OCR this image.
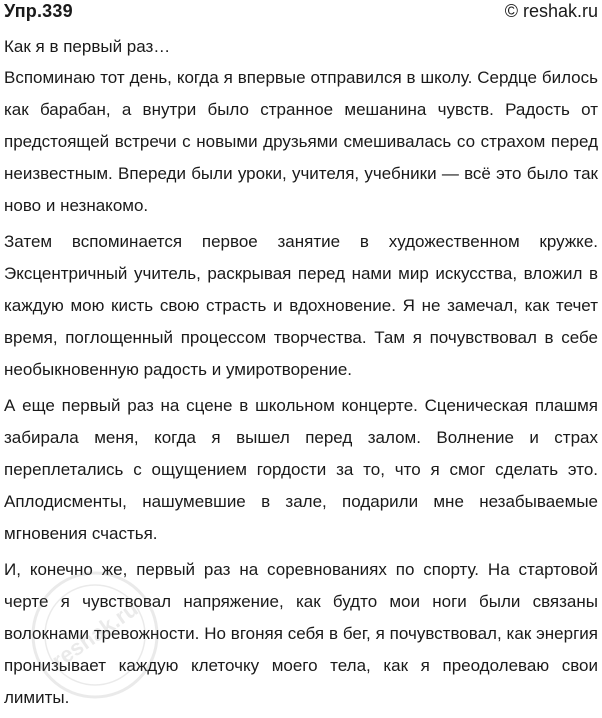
Упр.339	© reshak.ru
Как я в первый раз…

Вспоминаю тот день, когда я впервые отправился в школу. Сердце билось как барабан, а внутри было странное мешанина чувств. Радость от предстоящей встречи с новыми друзьями смешивалась со страхом перед неизвестным. Впереди были уроки, учителя, учебники — всё это было так ново и незнакомо.

Затем вспоминается первое занятие в художественном кружке. Эксцентричный учитель, раскрывая перед нами мир искусства, вложил в каждую мою кисть свою страсть и вдохновение. Я не замечал, как течет время, поглощенный процессом творчества. Там я почувствовал в себе необыкновенную радость и умиротворение.

А еще первый раз на сцене в школьном концерте. Сценическая плашмя забирала меня, когда я вышел перед залом. Волнение и страх переплетались с ощущением гордости за то, что я смог сделать это. Аплодисменты, нашумевшие в зале, подарили мне незабываемые мгновения счастья.

И, конечно же, первый раз на соревнованиях по спорту. На стартовой черте я чувствовал напряжение, как будто мои ноги были связаны волокнами тревожности. Но вгоняя себя в бег, я почувствовал, как энергия пронизывает каждую клеточку моего тела, как я преодолеваю свои лимиты.

reshak.ru
